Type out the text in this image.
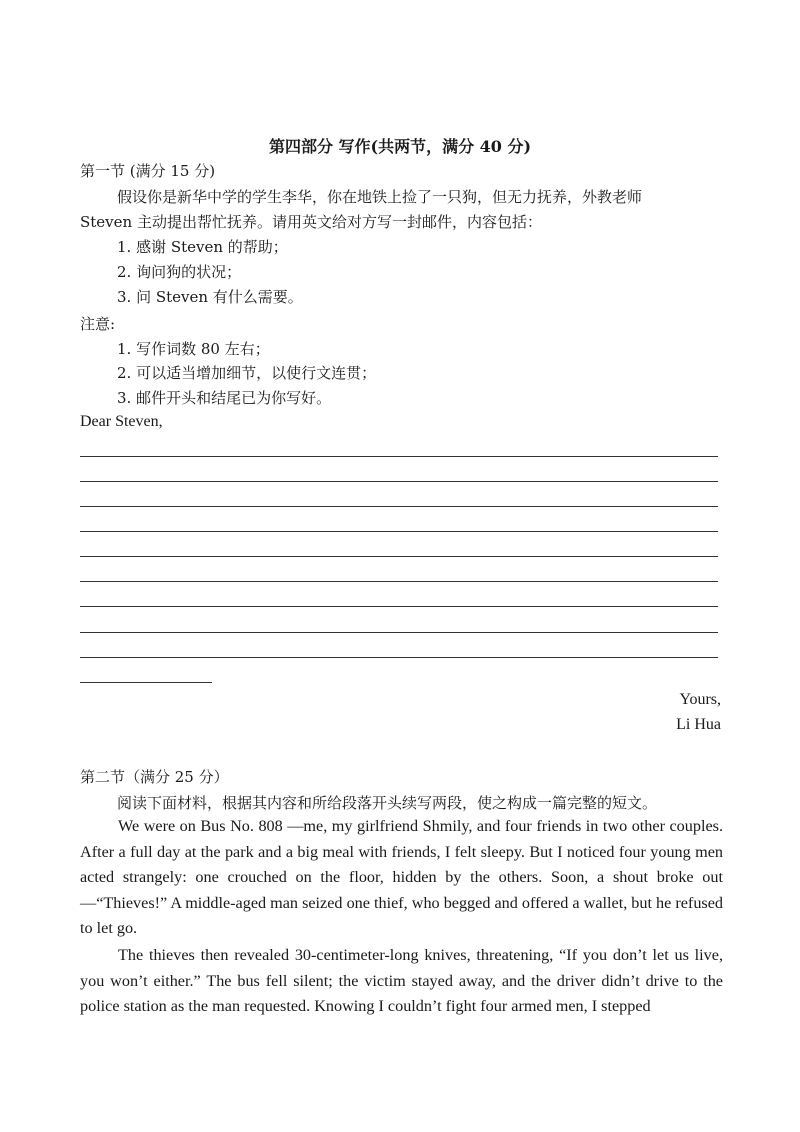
第四部分 写作(共两节，满分 40 分)
第一节 (满分 15 分)
假设你是新华中学的学生李华，你在地铁上捡了一只狗，但无力抚养，外教老师
Steven 主动提出帮忙抚养。请用英文给对方写一封邮件，内容包括：
1. 感谢 Steven 的帮助；
2. 询问狗的状况；
3. 问 Steven 有什么需要。
注意:
1. 写作词数 80 左右；
2. 可以适当增加细节，以使行文连贯；
3. 邮件开头和结尾已为你写好。
Dear Steven,
Yours,
Li Hua
第二节（满分 25 分）
阅读下面材料，根据其内容和所给段落开头续写两段，使之构成一篇完整的短文。
We were on Bus No. 808 —me, my girlfriend Shmily, and four friends in two other couples. After a full day at the park and a big meal with friends, I felt sleepy. But I noticed four young men acted strangely: one crouched on the floor, hidden by the others. Soon, a shout broke out—“Thieves!” A middle-aged man seized one thief, who begged and offered a wallet, but he refused to let go.
The thieves then revealed 30-centimeter-long knives, threatening, “If you don’t let us live, you won’t either.” The bus fell silent; the victim stayed away, and the driver didn’t drive to the police station as the man requested. Knowing I couldn’t fight four armed men, I stepped
